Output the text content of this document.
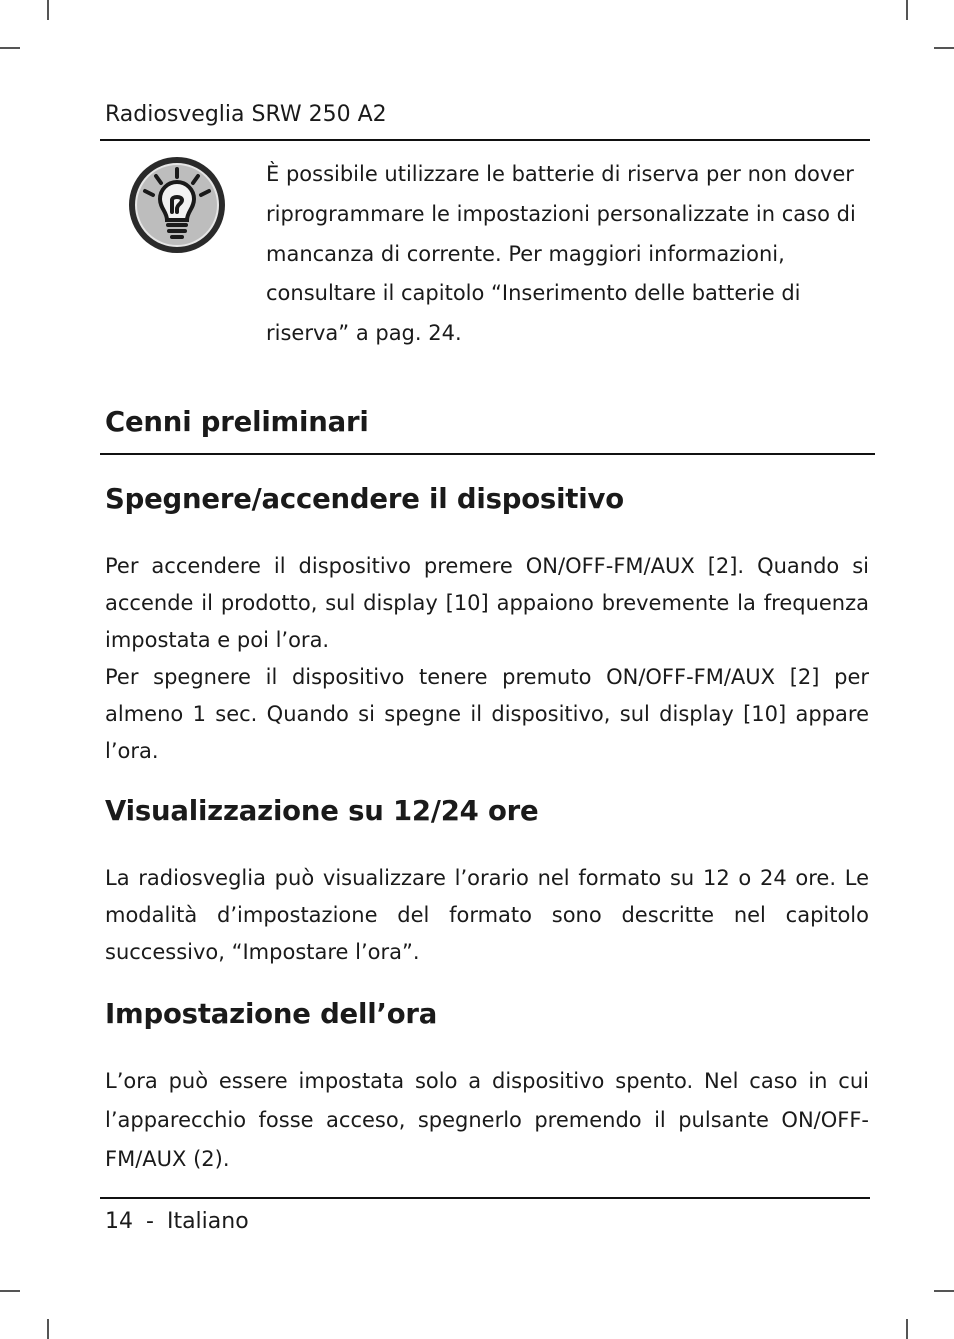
Radiosveglia SRW 250 A2

È possibile utilizzare le batterie di riserva per non dover riprogrammare le impostazioni personalizzate in caso di mancanza di corrente. Per maggiori informazioni, consultare il capitolo “Inserimento delle batterie di riserva” a pag. 24.

Cenni preliminari
Spegnere/accendere il dispositivo

Per accendere il dispositivo premere ON/OFF-FM/AUX [2]. Quando si accende il prodotto, sul display [10] appaiono brevemente la frequenza impostata e poi l’ora.

Per spegnere il dispositivo tenere premuto ON/OFF-FM/AUX [2] per almeno 1 sec. Quando si spegne il dispositivo, sul display [10] appare l’ora.

Visualizzazione su 12/24 ore

La radiosveglia può visualizzare l’orario nel formato su 12 o 24 ore. Le modalità d’impostazione del formato sono descritte nel capitolo successivo, “Impostare l’ora”.

Impostazione dell’ora

L’ora può essere impostata solo a dispositivo spento. Nel caso in cui l’apparecchio fosse acceso, spegnerlo premendo il pulsante ON/OFF-FM/AUX (2).

14 - Italiano
